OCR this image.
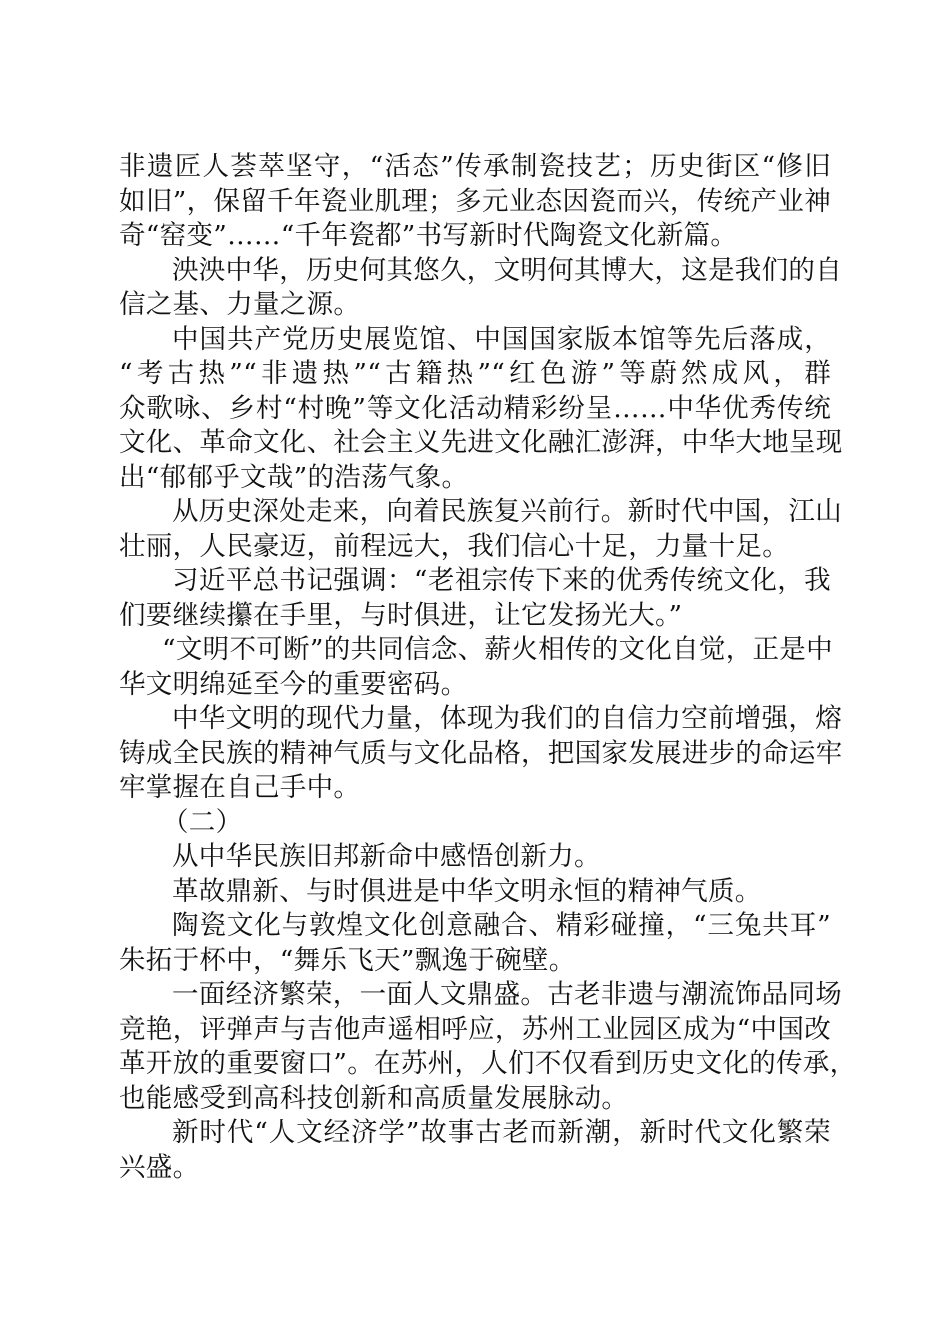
非遗匠人荟萃坚守，“活态”传承制瓷技艺；历史街区“修旧
如旧”，保留千年瓷业肌理；多元业态因瓷而兴，传统产业神
奇“窑变”……“千年瓷都”书写新时代陶瓷文化新篇。
泱泱中华，历史何其悠久，文明何其博大，这是我们的自
信之基、力量之源。
中国共产党历史展览馆、中国国家版本馆等先后落成，
“考古热”“非遗热”“古籍热”“红色游”等蔚然成风，群
众歌咏、乡村“村晚”等文化活动精彩纷呈……中华优秀传统
文化、革命文化、社会主义先进文化融汇澎湃，中华大地呈现
出“郁郁乎文哉”的浩荡气象。
从历史深处走来，向着民族复兴前行。新时代中国，江山
壮丽，人民豪迈，前程远大，我们信心十足，力量十足。
习近平总书记强调：“老祖宗传下来的优秀传统文化，我
们要继续攥在手里，与时俱进，让它发扬光大。”
“文明不可断”的共同信念、薪火相传的文化自觉，正是中
华文明绵延至今的重要密码。
中华文明的现代力量，体现为我们的自信力空前增强，熔
铸成全民族的精神气质与文化品格，把国家发展进步的命运牢
牢掌握在自己手中。
（二）
从中华民族旧邦新命中感悟创新力。
革故鼎新、与时俱进是中华文明永恒的精神气质。
陶瓷文化与敦煌文化创意融合、精彩碰撞，“三兔共耳”
朱拓于杯中，“舞乐飞天”飘逸于碗壁。
一面经济繁荣，一面人文鼎盛。古老非遗与潮流饰品同场
竞艳，评弹声与吉他声遥相呼应，苏州工业园区成为“中国改
革开放的重要窗口”。在苏州，人们不仅看到历史文化的传承，
也能感受到高科技创新和高质量发展脉动。
新时代“人文经济学”故事古老而新潮，新时代文化繁荣
兴盛。
